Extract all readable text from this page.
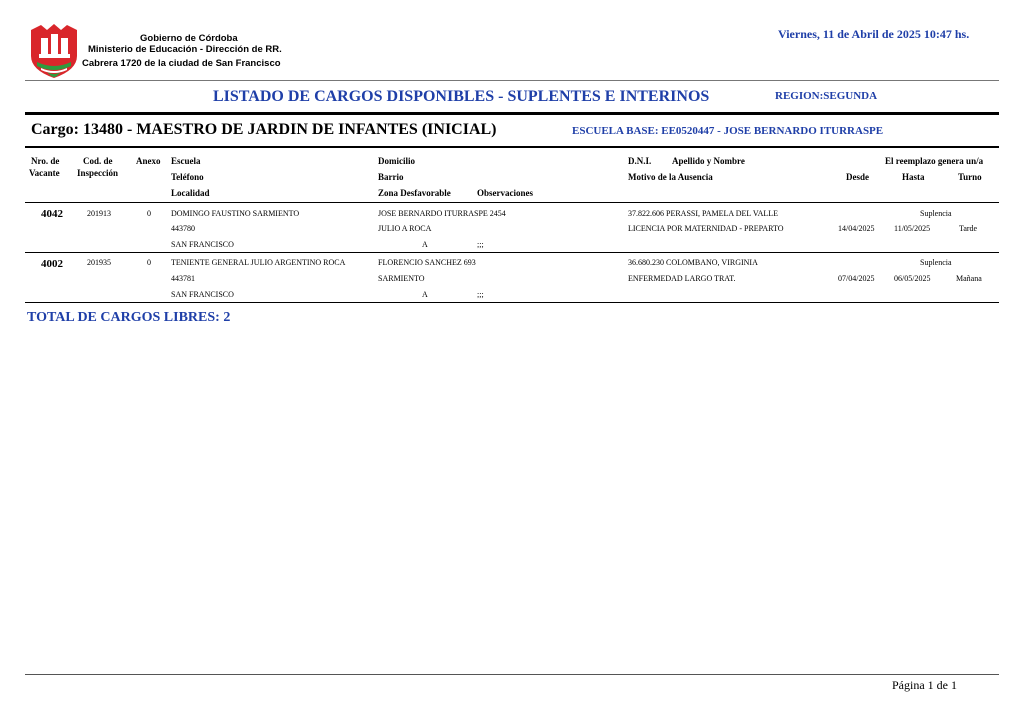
Gobierno de Córdoba
Ministerio de Educación - Dirección de RR.
Cabrera 1720 de la ciudad de San Francisco
Viernes, 11 de Abril de 2025 10:47 hs.
LISTADO DE CARGOS DISPONIBLES - SUPLENTES E INTERINOS	REGION:SEGUNDA
Cargo: 13480 - MAESTRO DE JARDIN DE INFANTES (INICIAL)	ESCUELA BASE: EE0520447 - JOSE BERNARDO ITURRASPE
Nro. de
Vacante
Cod. de
Inspección
Anexo Escuela
Teléfono
Localidad
Domicilio
Barrio
Zona Desfavorable	Observaciones
D.N.I. Apellido y Nombre
Motivo de la Ausencia
El reemplazo genera un/a
Desde	Hasta	Turno
4042	201913	0	DOMINGO FAUSTINO SARMIENTO
443780
SAN FRANCISCO
JOSE BERNARDO ITURRASPE 2454
JULIO A ROCA
A	;;;
37.822.606 PERASSI, PAMELA DEL VALLE
LICENCIA POR MATERNIDAD - PREPARTO
Suplencia
14/04/2025 11/05/2025	Tarde
4002	201935	0	TENIENTE GENERAL JULIO ARGENTINO ROCA
443781
SAN FRANCISCO
FLORENCIO SANCHEZ 693
SARMIENTO
A	;;;
36.680.230 COLOMBANO, VIRGINIA
ENFERMEDAD LARGO TRAT.
Suplencia
07/04/2025 06/05/2025	Mañana
TOTAL DE CARGOS LIBRES: 2
Página 1 de 1
